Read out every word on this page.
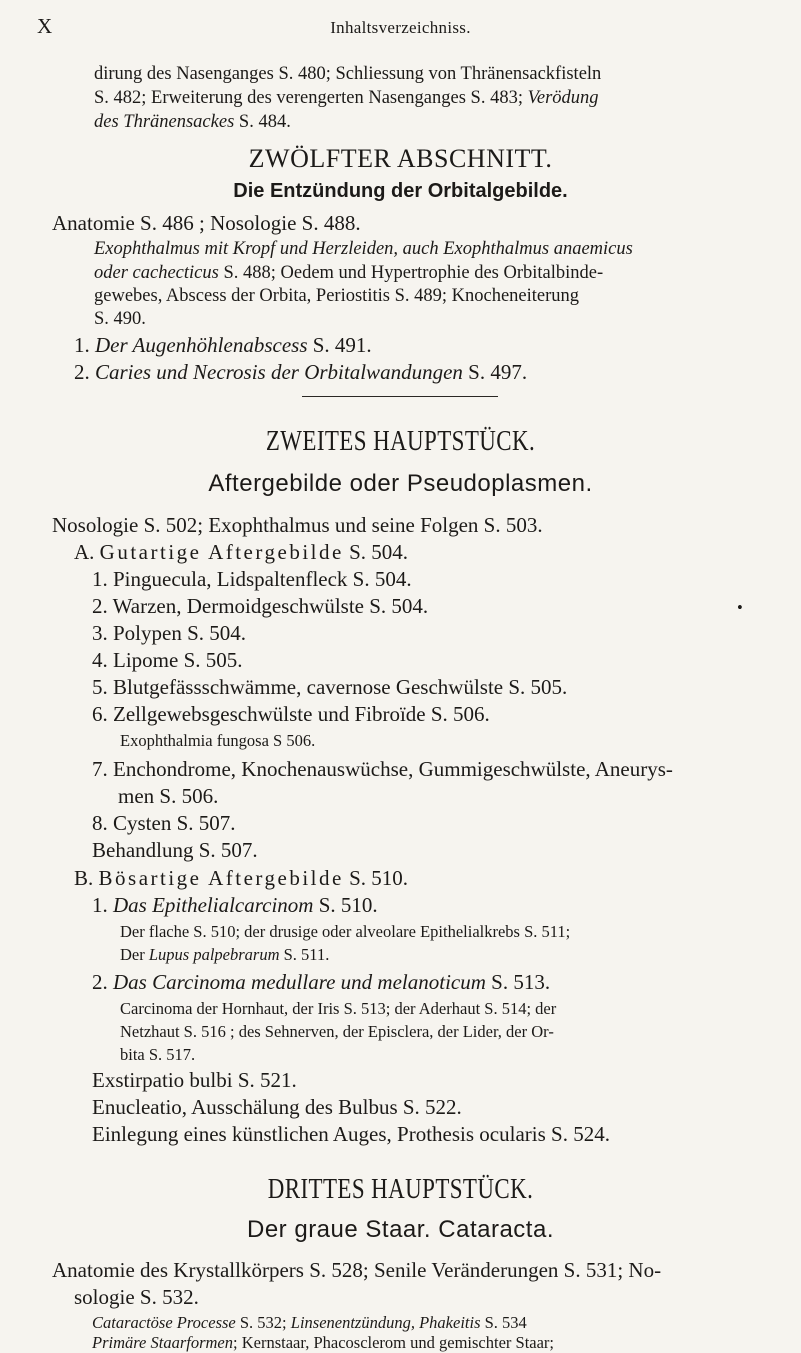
X	Inhaltsverzeichniss.
dirung des Nasenganges S. 480; Schliessung von Thränensackfisteln
S. 482; Erweiterung des verengerten Nasenganges S. 483; Verödung
des Thränensackes S. 484.
ZWÖLFTER ABSCHNITT.
Die Entzündung der Orbitalgebilde.
Anatomie S. 486 ; Nosologie S. 488.
Exophthalmus mit Kropf und Herzleiden, auch Exophthalmus anaemicus
oder cachecticus S. 488; Oedem und Hypertrophie des Orbitalbinde-
gewebes, Abscess der Orbita, Periostitis S. 489; Knocheneiterung
S. 490.
1. Der Augenhöhlenabscess S. 491.
2. Caries und Necrosis der Orbitalwandungen S. 497.
ZWEITES HAUPTSTÜCK.
Aftergebilde oder Pseudoplasmen.
Nosologie S. 502; Exophthalmus und seine Folgen S. 503.
A. Gutartige Aftergebilde S. 504.
1. Pinguecula, Lidspaltenfleck S. 504.
2. Warzen, Dermoidgeschwülste S. 504.	•
3. Polypen S. 504.
4. Lipome S. 505.
5. Blutgefässschwämme, cavernose Geschwülste S. 505.
6. Zellgewebsgeschwülste und Fibroïde S. 506.
Exophthalmia fungosa S 506.
7. Enchondrome, Knochenauswüchse, Gummigeschwülste, Aneurys-
men S. 506.
8. Cysten S. 507.
Behandlung S. 507.
B. Bösartige Aftergebilde S. 510.
1. Das Epithelialcarcinom S. 510.
Der flache S. 510; der drusige oder alveolare Epithelialkrebs S. 511;
Der Lupus palpebrarum S. 511.
2. Das Carcinoma medullare und melanoticum S. 513.
Carcinoma der Hornhaut, der Iris S. 513; der Aderhaut S. 514; der
Netzhaut S. 516 ; des Sehnerven, der Episclera, der Lider, der Or-
bita S. 517.
Exstirpatio bulbi S. 521.
Enucleatio, Ausschälung des Bulbus S. 522.
Einlegung eines künstlichen Auges, Prothesis ocularis S. 524.
DRITTES HAUPTSTÜCK.
Der graue Staar. Cataracta.
Anatomie des Krystallkörpers S. 528; Senile Veränderungen S. 531; No-
sologie S. 532.
Cataractöse Processe S. 532; Linsenentzündung, Phakeitis S. 534
Primäre Staarformen; Kernstaar, Phacosclerom und gemischter Staar;
